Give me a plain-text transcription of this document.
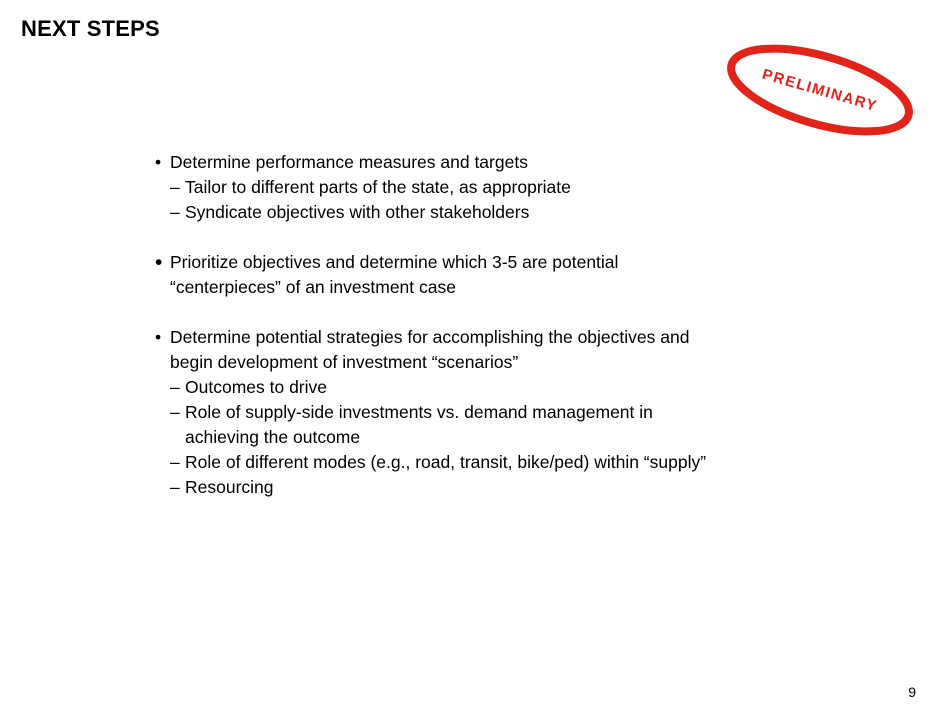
NEXT STEPS
PRELIMINARY
• Determine performance measures and targets
– Tailor to different parts of the state, as appropriate
– Syndicate objectives with other stakeholders
• Prioritize objectives and determine which 3-5 are potential
“centerpieces” of an investment case
• Determine potential strategies for accomplishing the objectives and
begin development of investment “scenarios”
– Outcomes to drive
– Role of supply-side investments vs. demand management in
achieving the outcome
– Role of different modes (e.g., road, transit, bike/ped) within “supply”
– Resourcing
9
